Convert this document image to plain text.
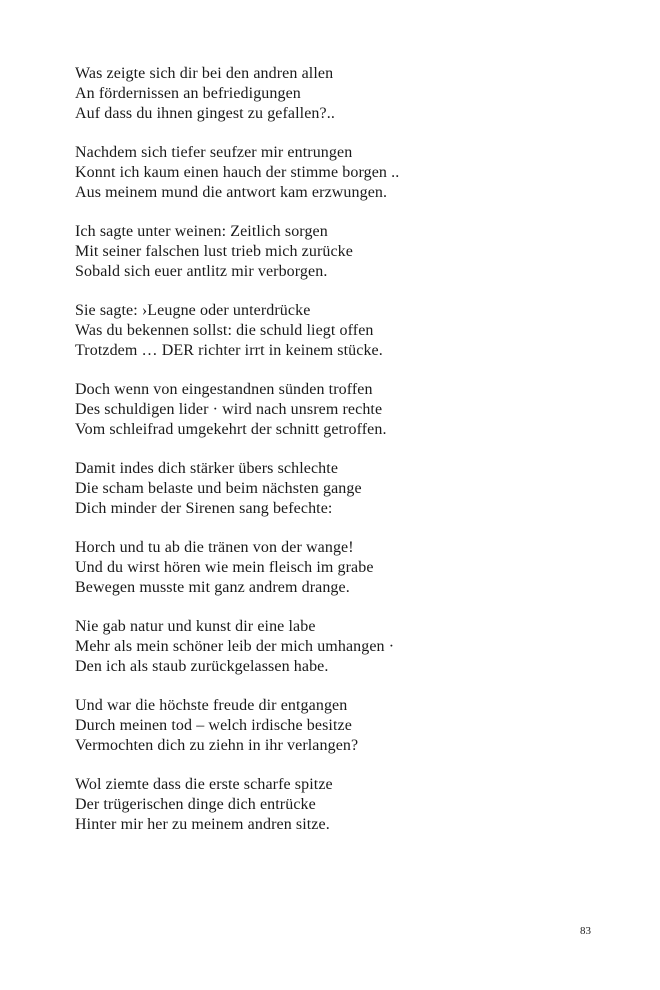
Was zeigte sich dir bei den andren allen
An fördernissen an befriedigungen
Auf dass du ihnen gingest zu gefallen?..
Nachdem sich tiefer seufzer mir entrungen
Konnt ich kaum einen hauch der stimme borgen ..
Aus meinem mund die antwort kam erzwungen.
Ich sagte unter weinen: Zeitlich sorgen
Mit seiner falschen lust trieb mich zurücke
Sobald sich euer antlitz mir verborgen.
Sie sagte: ›Leugne oder unterdrücke
Was du bekennen sollst: die schuld liegt offen
Trotzdem … DER richter irrt in keinem stücke.
Doch wenn von eingestandnen sünden troffen
Des schuldigen lider · wird nach unsrem rechte
Vom schleifrad umgekehrt der schnitt getroffen.
Damit indes dich stärker übers schlechte
Die scham belaste und beim nächsten gange
Dich minder der Sirenen sang befechte:
Horch und tu ab die tränen von der wange!
Und du wirst hören wie mein fleisch im grabe
Bewegen musste mit ganz andrem drange.
Nie gab natur und kunst dir eine labe
Mehr als mein schöner leib der mich umhangen ·
Den ich als staub zurückgelassen habe.
Und war die höchste freude dir entgangen
Durch meinen tod – welch irdische besitze
Vermochten dich zu ziehn in ihr verlangen?
Wol ziemte dass die erste scharfe spitze
Der trügerischen dinge dich entrücke
Hinter mir her zu meinem andren sitze.
83
